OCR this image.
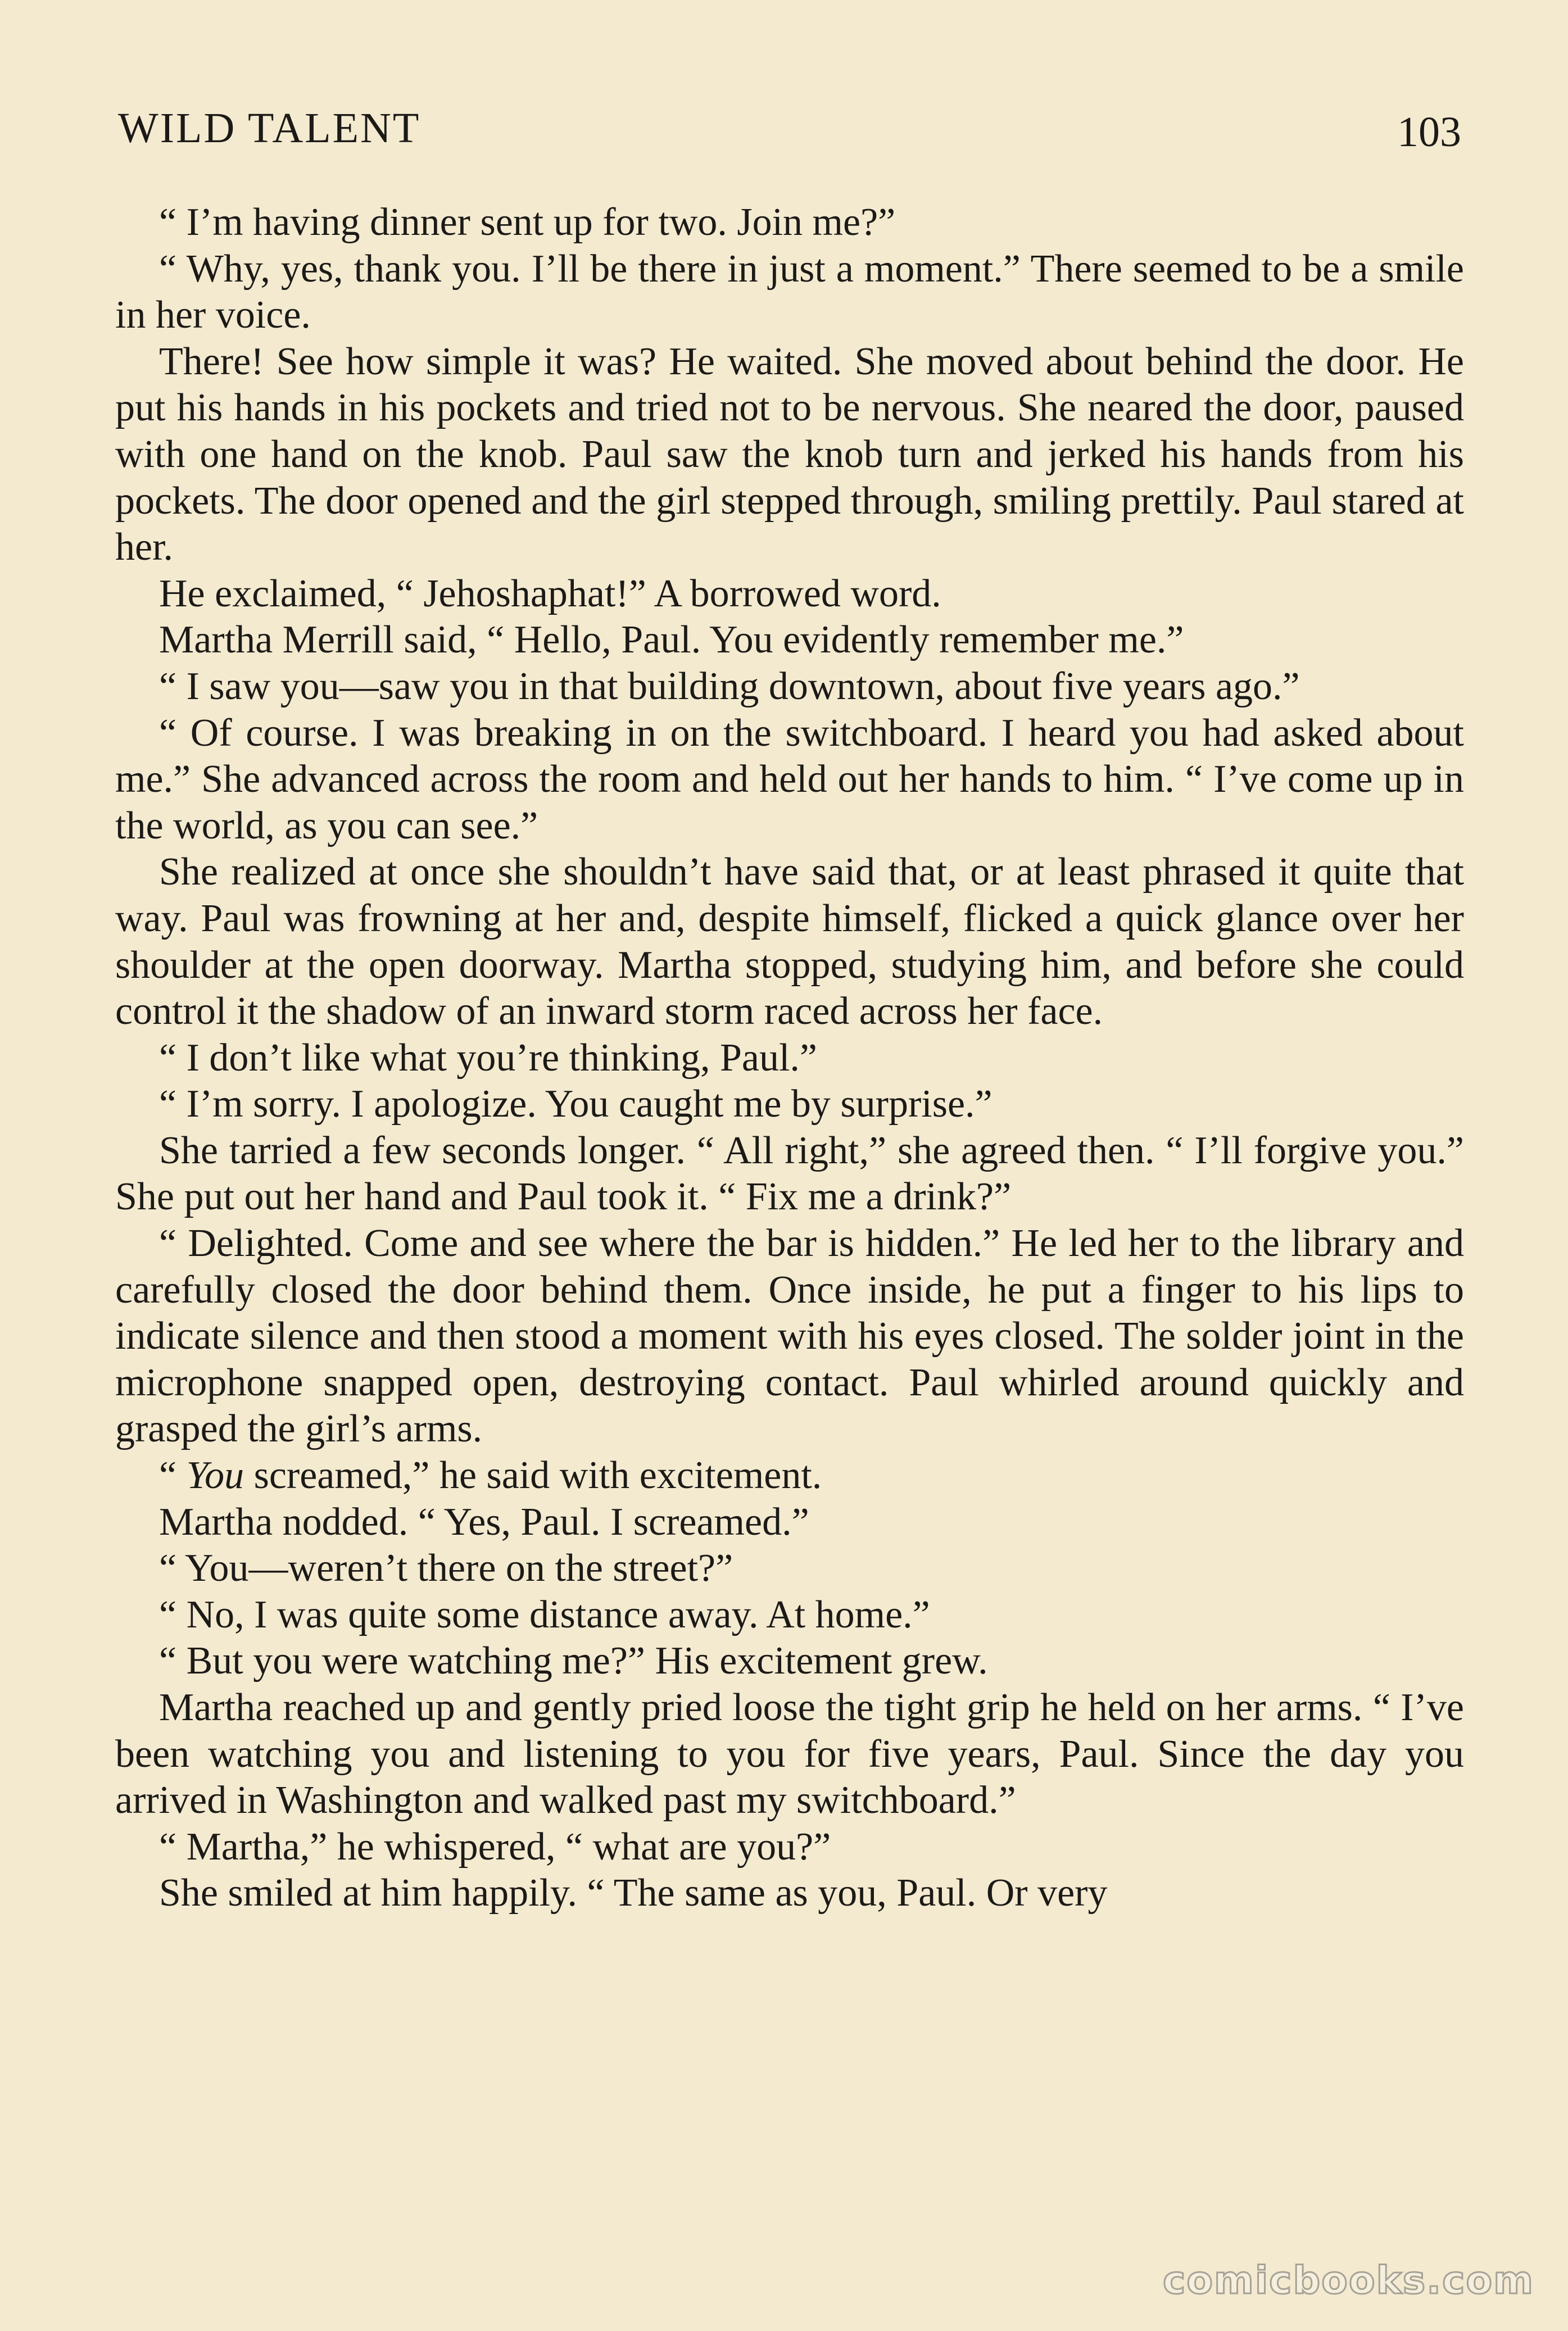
WILD TALENT	103

“ I’m having dinner sent up for two. Join me?”

“ Why, yes, thank you. I’ll be there in just a moment.” There seemed to be a smile in her voice.

There! See how simple it was? He waited. She moved about behind the door. He put his hands in his pockets and tried not to be nervous. She neared the door, paused with one hand on the knob. Paul saw the knob turn and jerked his hands from his pockets. The door opened and the girl stepped through, smiling prettily. Paul stared at her.

He exclaimed, “ Jehoshaphat!” A borrowed word.

Martha Merrill said, “ Hello, Paul. You evidently remember me.”

“ I saw you—saw you in that building downtown, about five years ago.”

“ Of course. I was breaking in on the switchboard. I heard you had asked about me.” She advanced across the room and held out her hands to him. “ I’ve come up in the world, as you can see.”

She realized at once she shouldn’t have said that, or at least phrased it quite that way. Paul was frowning at her and, despite himself, flicked a quick glance over her shoulder at the open doorway. Martha stopped, studying him, and before she could control it the shadow of an inward storm raced across her face.

“ I don’t like what you’re thinking, Paul.”

“ I’m sorry. I apologize. You caught me by surprise.”

She tarried a few seconds longer. “ All right,” she agreed then. “ I’ll forgive you.” She put out her hand and Paul took it. “ Fix me a drink?”

“ Delighted. Come and see where the bar is hidden.” He led her to the library and carefully closed the door behind them. Once inside, he put a finger to his lips to indicate silence and then stood a moment with his eyes closed. The solder joint in the microphone snapped open, destroying contact. Paul whirled around quickly and grasped the girl’s arms.

“ You screamed,” he said with excitement.

Martha nodded. “ Yes, Paul. I screamed.”

“ You—weren’t there on the street?”

“ No, I was quite some distance away. At home.”

“ But you were watching me?” His excitement grew.

Martha reached up and gently pried loose the tight grip he held on her arms. “ I’ve been watching you and listening to you for five years, Paul. Since the day you arrived in Washington and walked past my switchboard.”

“ Martha,” he whispered, “ what are you?”

She smiled at him happily. “ The same as you, Paul. Or very

comicbooks.com
